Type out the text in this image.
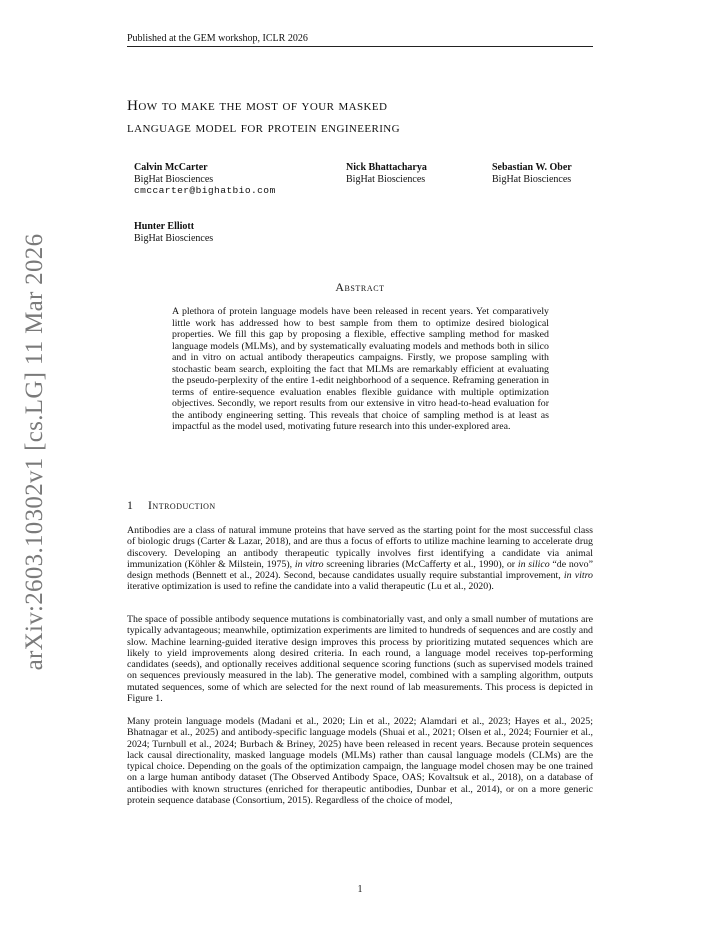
Published at the GEM workshop, ICLR 2026
arXiv:2603.10302v1 [cs.LG] 11 Mar 2026
How to make the most of your masked
language model for protein engineering
Calvin McCarter
BigHat Biosciences
cmccarter@bighatbio.com
Nick Bhattacharya
BigHat Biosciences
Sebastian W. Ober
BigHat Biosciences
Hunter Elliott
BigHat Biosciences
Abstract
A plethora of protein language models have been released in recent years. Yet comparatively little work has addressed how to best sample from them to optimize desired biological properties. We fill this gap by proposing a flexible, effective sampling method for masked language models (MLMs), and by systematically evaluating models and methods both in silico and in vitro on actual antibody therapeutics campaigns. Firstly, we propose sampling with stochastic beam search, exploiting the fact that MLMs are remarkably efficient at evaluating the pseudo-perplexity of the entire 1-edit neighborhood of a sequence. Reframing generation in terms of entire-sequence evaluation enables flexible guidance with multiple optimization objectives. Secondly, we report results from our extensive in vitro head-to-head evaluation for the antibody engineering setting. This reveals that choice of sampling method is at least as impactful as the model used, motivating future research into this under-explored area.
1 Introduction
Antibodies are a class of natural immune proteins that have served as the starting point for the most successful class of biologic drugs (Carter & Lazar, 2018), and are thus a focus of efforts to utilize machine learning to accelerate drug discovery. Developing an antibody therapeutic typically involves first identifying a candidate via animal immunization (Köhler & Milstein, 1975), in vitro screening libraries (McCafferty et al., 1990), or in silico “de novo” design methods (Bennett et al., 2024). Second, because candidates usually require substantial improvement, in vitro iterative optimization is used to refine the candidate into a valid therapeutic (Lu et al., 2020).
The space of possible antibody sequence mutations is combinatorially vast, and only a small number of mutations are typically advantageous; meanwhile, optimization experiments are limited to hundreds of sequences and are costly and slow. Machine learning-guided iterative design improves this process by prioritizing mutated sequences which are likely to yield improvements along desired criteria. In each round, a language model receives top-performing candidates (seeds), and optionally receives additional sequence scoring functions (such as supervised models trained on sequences previously measured in the lab). The generative model, combined with a sampling algorithm, outputs mutated sequences, some of which are selected for the next round of lab measurements. This process is depicted in Figure 1.
Many protein language models (Madani et al., 2020; Lin et al., 2022; Alamdari et al., 2023; Hayes et al., 2025; Bhatnagar et al., 2025) and antibody-specific language models (Shuai et al., 2021; Olsen et al., 2024; Fournier et al., 2024; Turnbull et al., 2024; Burbach & Briney, 2025) have been released in recent years. Because protein sequences lack causal directionality, masked language models (MLMs) rather than causal language models (CLMs) are the typical choice. Depending on the goals of the optimization campaign, the language model chosen may be one trained on a large human antibody dataset (The Observed Antibody Space, OAS; Kovaltsuk et al., 2018), on a database of antibodies with known structures (enriched for therapeutic antibodies, Dunbar et al., 2014), or on a more generic protein sequence database (Consortium, 2015). Regardless of the choice of model,
1
